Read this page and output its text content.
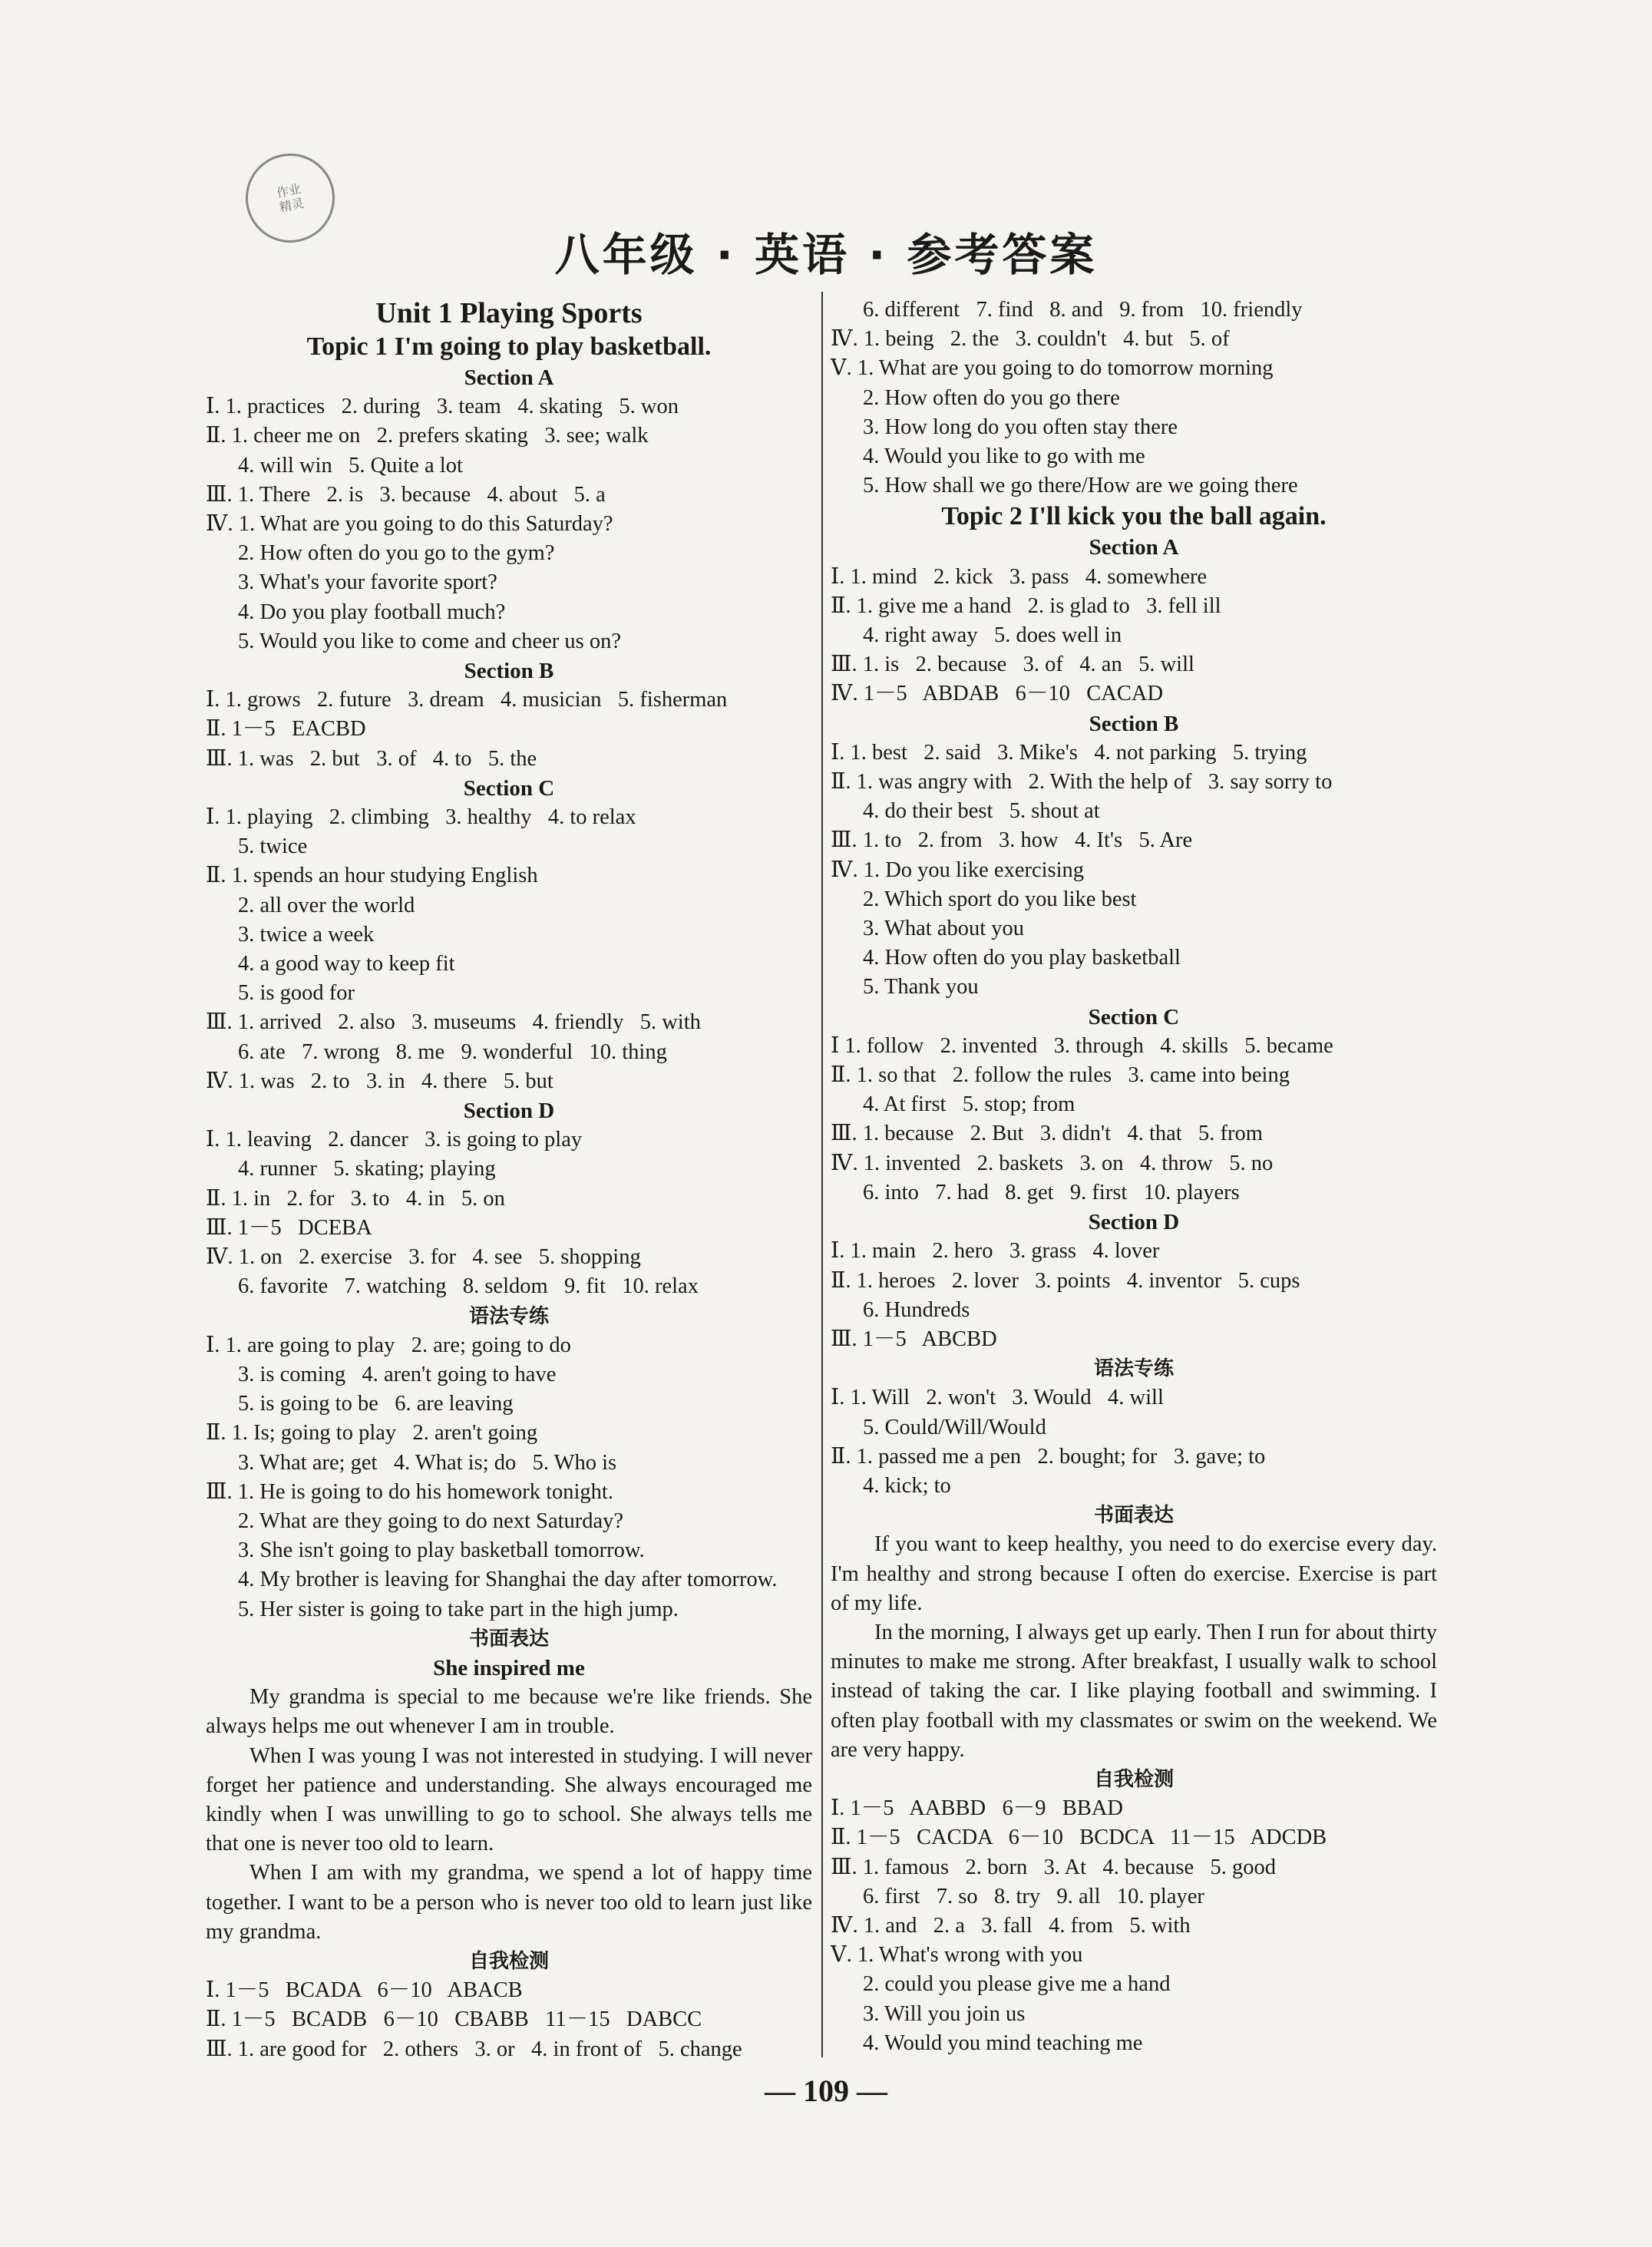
作业
精灵
八年级 · 英语 · 参考答案
Unit 1 Playing Sports
Topic 1 I'm going to play basketball.
Section A
Ⅰ. 1. practices   2. during   3. team   4. skating   5. won
Ⅱ. 1. cheer me on   2. prefers skating   3. see; walk
4. will win   5. Quite a lot
Ⅲ. 1. There   2. is   3. because   4. about   5. a
Ⅳ. 1. What are you going to do this Saturday?
2. How often do you go to the gym?
3. What's your favorite sport?
4. Do you play football much?
5. Would you like to come and cheer us on?
Section B
Ⅰ. 1. grows   2. future   3. dream   4. musician   5. fisherman
Ⅱ. 1－5   EACBD
Ⅲ. 1. was   2. but   3. of   4. to   5. the
Section C
Ⅰ. 1. playing   2. climbing   3. healthy   4. to relax
5. twice
Ⅱ. 1. spends an hour studying English
2. all over the world
3. twice a week
4. a good way to keep fit
5. is good for
Ⅲ. 1. arrived   2. also   3. museums   4. friendly   5. with
6. ate   7. wrong   8. me   9. wonderful   10. thing
Ⅳ. 1. was   2. to   3. in   4. there   5. but
Section D
Ⅰ. 1. leaving   2. dancer   3. is going to play
4. runner   5. skating; playing
Ⅱ. 1. in   2. for   3. to   4. in   5. on
Ⅲ. 1－5   DCEBA
Ⅳ. 1. on   2. exercise   3. for   4. see   5. shopping
6. favorite   7. watching   8. seldom   9. fit   10. relax
语法专练
Ⅰ. 1. are going to play   2. are; going to do
3. is coming   4. aren't going to have
5. is going to be   6. are leaving
Ⅱ. 1. Is; going to play   2. aren't going
3. What are; get   4. What is; do   5. Who is
Ⅲ. 1. He is going to do his homework tonight.
2. What are they going to do next Saturday?
3. She isn't going to play basketball tomorrow.
4. My brother is leaving for Shanghai the day after tomorrow.
5. Her sister is going to take part in the high jump.
书面表达
She inspired me
My grandma is special to me because we're like friends. She always helps me out whenever I am in trouble.
When I was young I was not interested in studying. I will never forget her patience and understanding. She always encouraged me kindly when I was unwilling to go to school. She always tells me that one is never too old to learn.
When I am with my grandma, we spend a lot of happy time together. I want to be a person who is never too old to learn just like my grandma.
自我检测
Ⅰ. 1－5   BCADA   6－10   ABACB
Ⅱ. 1－5   BCADB   6－10   CBABB   11－15   DABCC
Ⅲ. 1. are good for   2. others   3. or   4. in front of   5. change
6. different   7. find   8. and   9. from   10. friendly
Ⅳ. 1. being   2. the   3. couldn't   4. but   5. of
Ⅴ. 1. What are you going to do tomorrow morning
2. How often do you go there
3. How long do you often stay there
4. Would you like to go with me
5. How shall we go there/How are we going there
Topic 2 I'll kick you the ball again.
Section A
Ⅰ. 1. mind   2. kick   3. pass   4. somewhere
Ⅱ. 1. give me a hand   2. is glad to   3. fell ill
4. right away   5. does well in
Ⅲ. 1. is   2. because   3. of   4. an   5. will
Ⅳ. 1－5   ABDAB   6－10   CACAD
Section B
Ⅰ. 1. best   2. said   3. Mike's   4. not parking   5. trying
Ⅱ. 1. was angry with   2. With the help of   3. say sorry to
4. do their best   5. shout at
Ⅲ. 1. to   2. from   3. how   4. It's   5. Are
Ⅳ. 1. Do you like exercising
2. Which sport do you like best
3. What about you
4. How often do you play basketball
5. Thank you
Section C
Ⅰ 1. follow   2. invented   3. through   4. skills   5. became
Ⅱ. 1. so that   2. follow the rules   3. came into being
4. At first   5. stop; from
Ⅲ. 1. because   2. But   3. didn't   4. that   5. from
Ⅳ. 1. invented   2. baskets   3. on   4. throw   5. no
6. into   7. had   8. get   9. first   10. players
Section D
Ⅰ. 1. main   2. hero   3. grass   4. lover
Ⅱ. 1. heroes   2. lover   3. points   4. inventor   5. cups
6. Hundreds
Ⅲ. 1－5   ABCBD
语法专练
Ⅰ. 1. Will   2. won't   3. Would   4. will
5. Could/Will/Would
Ⅱ. 1. passed me a pen   2. bought; for   3. gave; to
4. kick; to
书面表达
If you want to keep healthy, you need to do exercise every day. I'm healthy and strong because I often do exercise. Exercise is part of my life.
In the morning, I always get up early. Then I run for about thirty minutes to make me strong. After breakfast, I usually walk to school instead of taking the car. I like playing football and swimming. I often play football with my classmates or swim on the weekend. We are very happy.
自我检测
Ⅰ. 1－5   AABBD   6－9   BBAD
Ⅱ. 1－5   CACDA   6－10   BCDCA   11－15   ADCDB
Ⅲ. 1. famous   2. born   3. At   4. because   5. good
6. first   7. so   8. try   9. all   10. player
Ⅳ. 1. and   2. a   3. fall   4. from   5. with
Ⅴ. 1. What's wrong with you
2. could you please give me a hand
3. Will you join us
4. Would you mind teaching me
— 109 —
